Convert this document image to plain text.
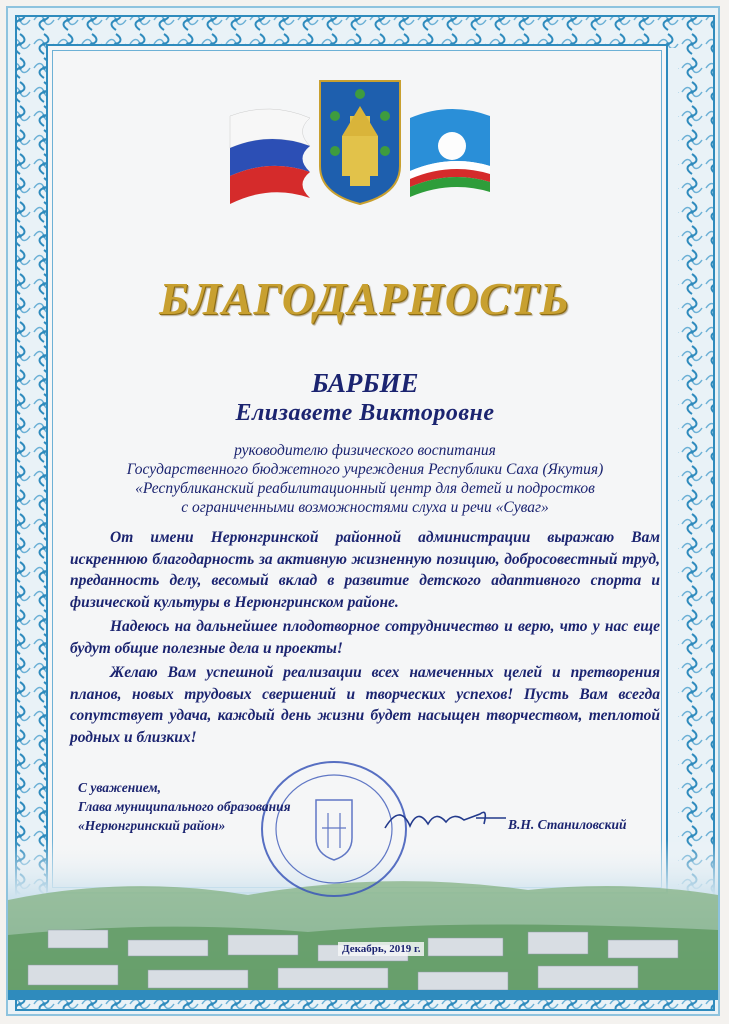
БЛАГОДАРНОСТЬ
БАРБИЕ
Елизавете Викторовне
руководителю физического воспитания
Государственного бюджетного учреждения Республики Саха (Якутия)
«Республиканский реабилитационный центр для детей и подростков
с ограниченными возможностями слуха и речи «Суваг»

От имени Нерюнгринской районной администрации выражаю Вам искреннюю благодарность за активную жизненную позицию, добросовестный труд, преданность делу, весомый вклад в развитие детского адаптивного спорта и физической культуры в Нерюнгринском районе.

Надеюсь на дальнейшее плодотворное сотрудничество и верю, что у нас еще будут общие полезные дела и проекты!

Желаю Вам успешной реализации всех намеченных целей и претворения планов, новых трудовых свершений и творческих успехов! Пусть Вам всегда сопутствует удача, каждый день жизни будет насыщен творчеством, теплотой родных и близких!

С уважением,
Глава муниципального образования
«Нерюнгринский район»	В.Н. Станиловский
Декабрь, 2019 г.
